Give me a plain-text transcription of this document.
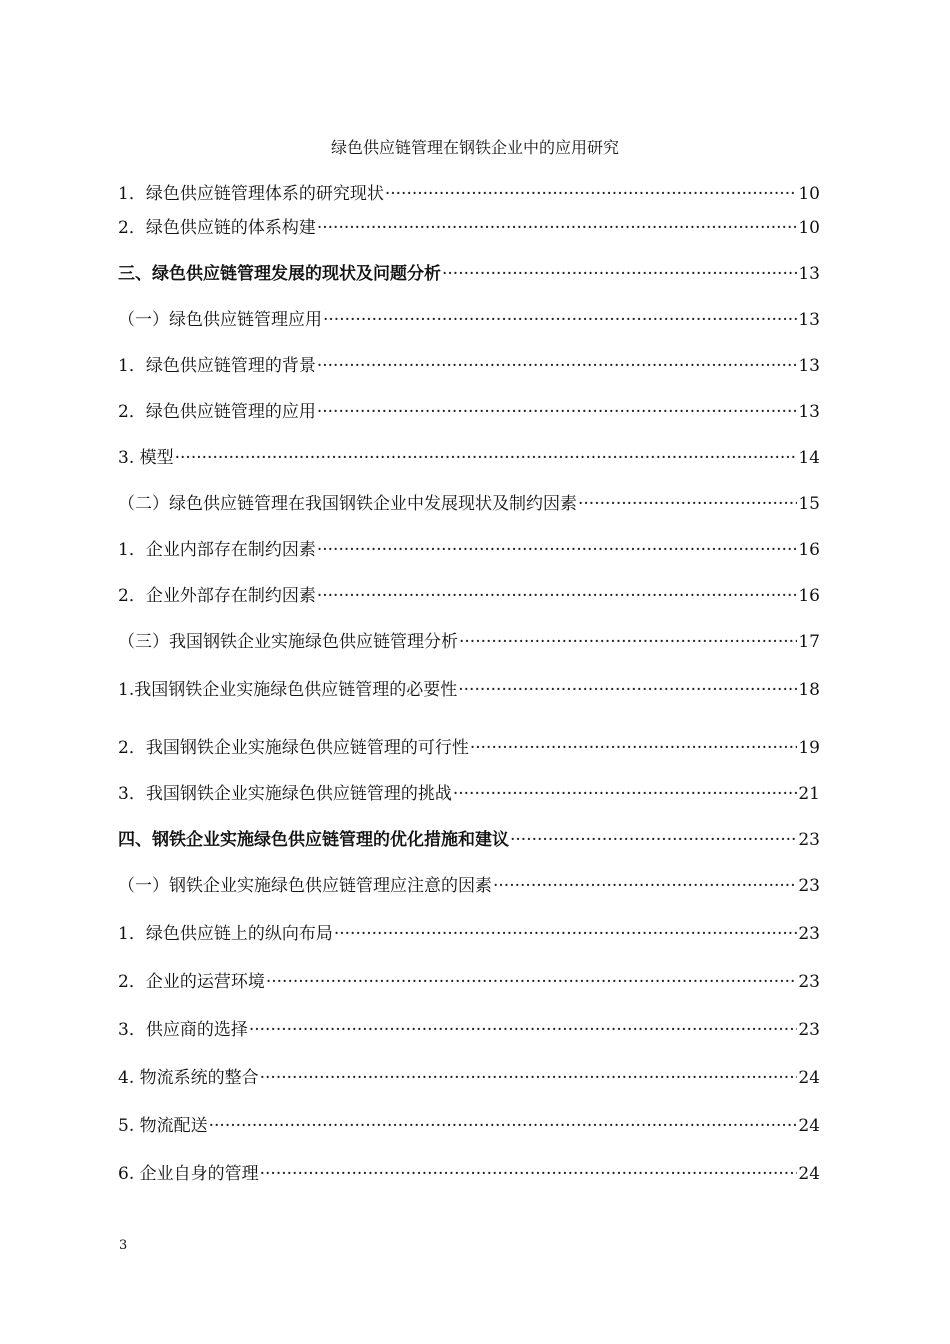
绿色供应链管理在钢铁企业中的应用研究
1．绿色供应链管理体系的研究现状 ·····	10
2．绿色供应链的体系构建 ·····	10
三、绿色供应链管理发展的现状及问题分析 ·····	13
（一）绿色供应链管理应用 ·····	13
1．绿色供应链管理的背景 ·····	13
2．绿色供应链管理的应用 ·····	13
3. 模型 ·····	14
（二）绿色供应链管理在我国钢铁企业中发展现状及制约因素 ·····	15
1．企业内部存在制约因素 ·····	16
2．企业外部存在制约因素 ·····	16
（三）我国钢铁企业实施绿色供应链管理分析 ·····	17
1.我国钢铁企业实施绿色供应链管理的必要性 ·····	18
2．我国钢铁企业实施绿色供应链管理的可行性 ·····	19
3．我国钢铁企业实施绿色供应链管理的挑战 ·····	21
四、钢铁企业实施绿色供应链管理的优化措施和建议 ·····	23
（一）钢铁企业实施绿色供应链管理应注意的因素 ·····	23
1．绿色供应链上的纵向布局 ·····	23
2．企业的运营环境 ·····	23
3．供应商的选择 ·····	23
4. 物流系统的整合 ·····	24
5. 物流配送 ·····	24
6. 企业自身的管理 ·····	24
3
